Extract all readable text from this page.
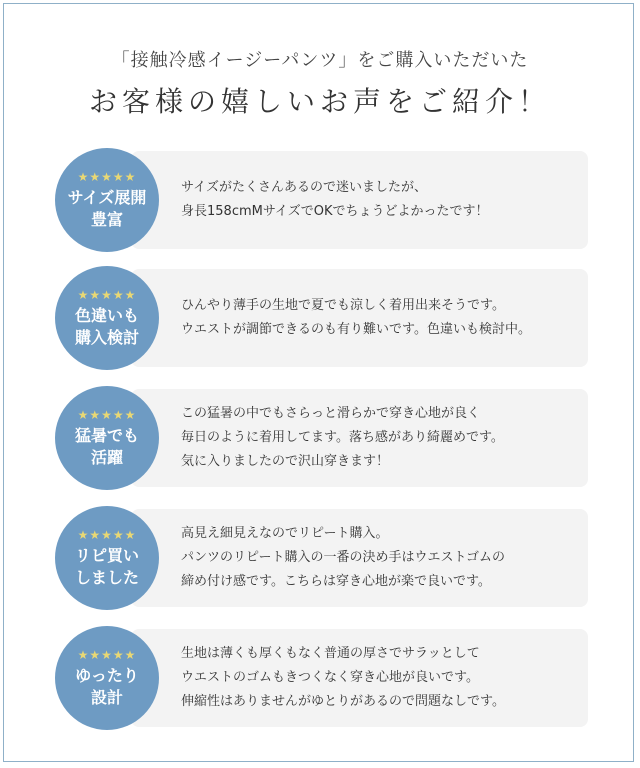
「接触冷感イージーパンツ」をご購入いただいた
お客様の嬉しいお声をご紹介！
★★★★★
サイズ展開
豊富

サイズがたくさんあるので迷いましたが、

身長158cmMサイズでOKでちょうどよかったです！

★★★★★
色違いも
購入検討

ひんやり薄手の生地で夏でも涼しく着用出来そうです。

ウエストが調節できるのも有り難いです。色違いも検討中。

★★★★★
猛暑でも
活躍

この猛暑の中でもさらっと滑らかで穿き心地が良く

毎日のように着用してます。落ち感があり綺麗めです。

気に入りましたので沢山穿きます！

★★★★★
リピ買い
しました

高見え細見えなのでリピート購入。

パンツのリピート購入の一番の決め手はウエストゴムの

締め付け感です。こちらは穿き心地が楽で良いです。

★★★★★
ゆったり
設計

生地は薄くも厚くもなく普通の厚さでサラッとして

ウエストのゴムもきつくなく穿き心地が良いです。

伸縮性はありませんがゆとりがあるので問題なしです。
